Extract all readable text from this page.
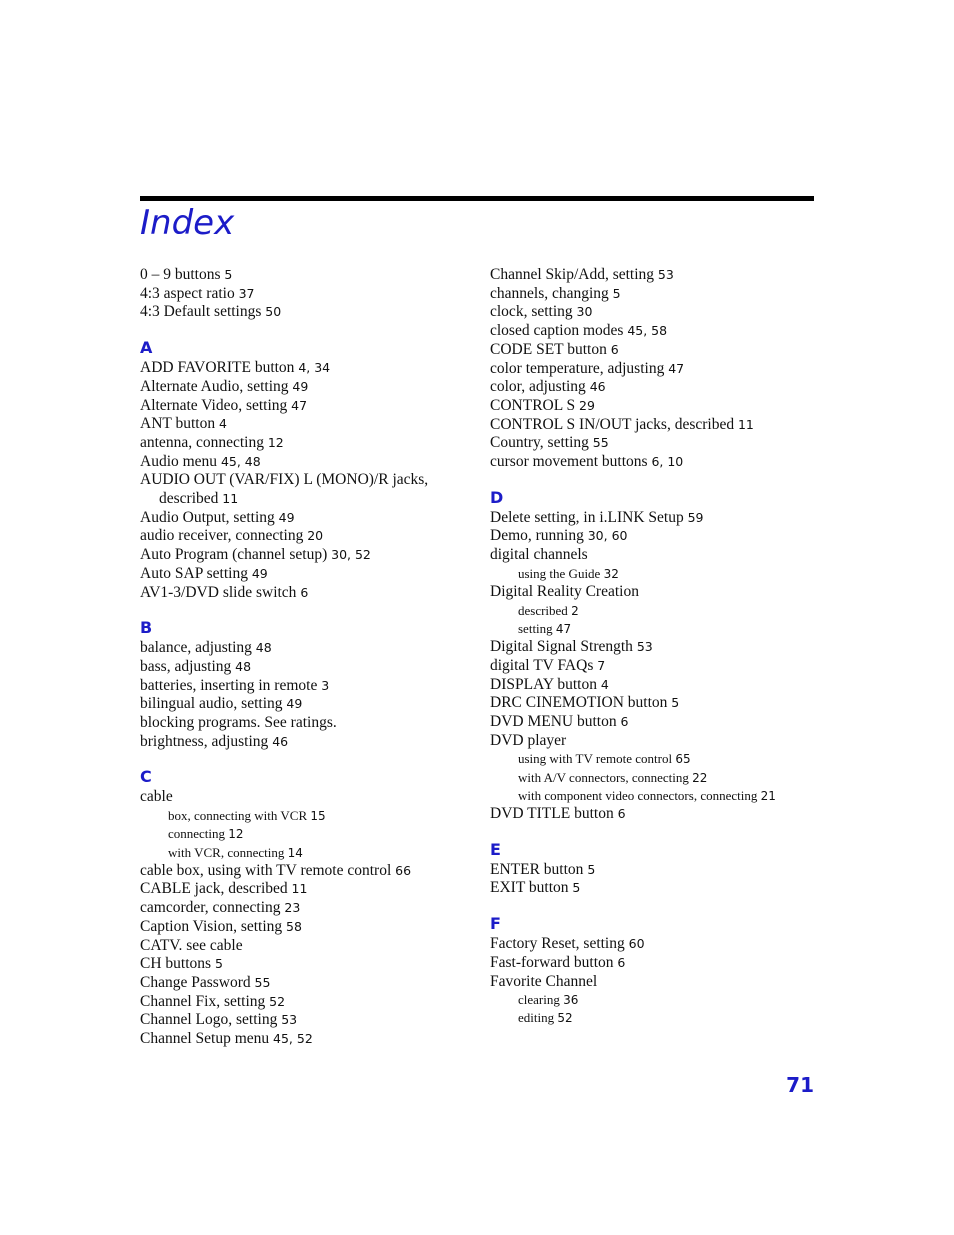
Index
0 – 9 buttons 5
4:3 aspect ratio 37
4:3 Default settings 50
A
ADD FAVORITE button 4, 34
Alternate Audio, setting 49
Alternate Video, setting 47
ANT button 4
antenna, connecting 12
Audio menu 45, 48
AUDIO OUT (VAR/FIX) L (MONO)/R jacks, described 11
Audio Output, setting 49
audio receiver, connecting 20
Auto Program (channel setup) 30, 52
Auto SAP setting 49
AV1-3/DVD slide switch 6
B
balance, adjusting 48
bass, adjusting 48
batteries, inserting in remote 3
bilingual audio, setting 49
blocking programs. See ratings.
brightness, adjusting 46
C
cable
box, connecting with VCR 15
connecting 12
with VCR, connecting 14
cable box, using with TV remote control 66
CABLE jack, described 11
camcorder, connecting 23
Caption Vision, setting 58
CATV. see cable
CH buttons 5
Change Password 55
Channel Fix, setting 52
Channel Logo, setting 53
Channel Setup menu 45, 52
Channel Skip/Add, setting 53
channels, changing 5
clock, setting 30
closed caption modes 45, 58
CODE SET button 6
color temperature, adjusting 47
color, adjusting 46
CONTROL S 29
CONTROL S IN/OUT jacks, described 11
Country, setting 55
cursor movement buttons 6, 10
D
Delete setting, in i.LINK Setup 59
Demo, running 30, 60
digital channels
using the Guide 32
Digital Reality Creation
described 2
setting 47
Digital Signal Strength 53
digital TV FAQs 7
DISPLAY button 4
DRC CINEMOTION button 5
DVD MENU button 6
DVD player
using with TV remote control 65
with A/V connectors, connecting 22
with component video connectors, connecting 21
DVD TITLE button 6
E
ENTER button 5
EXIT button 5
F
Factory Reset, setting 60
Fast-forward button 6
Favorite Channel
clearing 36
editing 52
71
